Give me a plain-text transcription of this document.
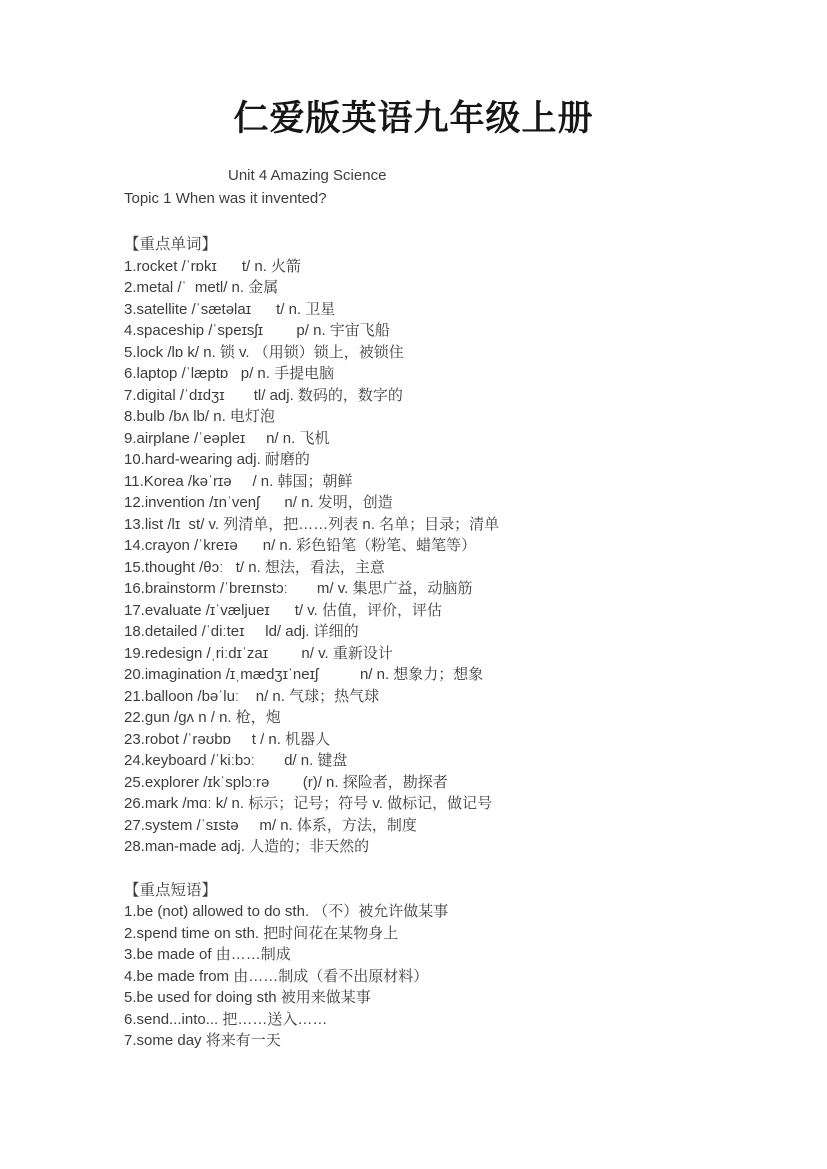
仁爱版英语九年级上册

Unit 4 Amazing Science

Topic 1 When was it invented?

【重点单词】

1.rocket /ˈrɒkɪ      t/ n. 火箭

2.metal /ˈ  metl/ n. 金属

3.satellite /ˈsætəlaɪ      t/ n. 卫星

4.spaceship /ˈspeɪsʃɪ        p/ n. 宇宙飞船

5.lock /lɒ k/ n. 锁 v. （用锁）锁上，被锁住

6.laptop /ˈlæptɒ   p/ n. 手提电脑

7.digital /ˈdɪdʒɪ       tl/ adj. 数码的，数字的

8.bulb /bʌ lb/ n. 电灯泡

9.airplane /ˈeəpleɪ     n/ n. 飞机

10.hard-wearing adj. 耐磨的

11.Korea /kəˈrɪə     / n. 韩国；朝鲜

12.invention /ɪnˈvenʃ      n/ n. 发明，创造

13.list /lɪ  st/ v. 列清单，把……列表 n. 名单；目录；清单

14.crayon /ˈkreɪə      n/ n. 彩色铅笔（粉笔、蜡笔等）

15.thought /θɔː   t/ n. 想法，看法，主意

16.brainstorm /ˈbreɪnstɔː       m/ v. 集思广益，动脑筋

17.evaluate /ɪˈvæljueɪ      t/ v. 估值，评价，评估

18.detailed /ˈdiːteɪ     ld/ adj. 详细的

19.redesign /ˌriːdɪˈzaɪ        n/ v. 重新设计

20.imagination /ɪˌmædʒɪˈneɪʃ          n/ n. 想象力；想象

21.balloon /bəˈluː    n/ n. 气球；热气球

22.gun /ɡʌ n / n. 枪，炮

23.robot /ˈrəʊbɒ     t / n. 机器人

24.keyboard /ˈkiːbɔː       d/ n. 键盘

25.explorer /ɪkˈsplɔːrə        (r)/ n. 探险者，勘探者

26.mark /mɑː k/ n. 标示；记号；符号 v. 做标记，做记号

27.system /ˈsɪstə     m/ n. 体系，方法，制度

28.man-made adj. 人造的；非天然的

【重点短语】

1.be (not) allowed to do sth. （不）被允许做某事

2.spend time on sth. 把时间花在某物身上

3.be made of 由……制成

4.be made from 由……制成（看不出原材料）

5.be used for doing sth 被用来做某事

6.send...into... 把……送入……

7.some day 将来有一天
